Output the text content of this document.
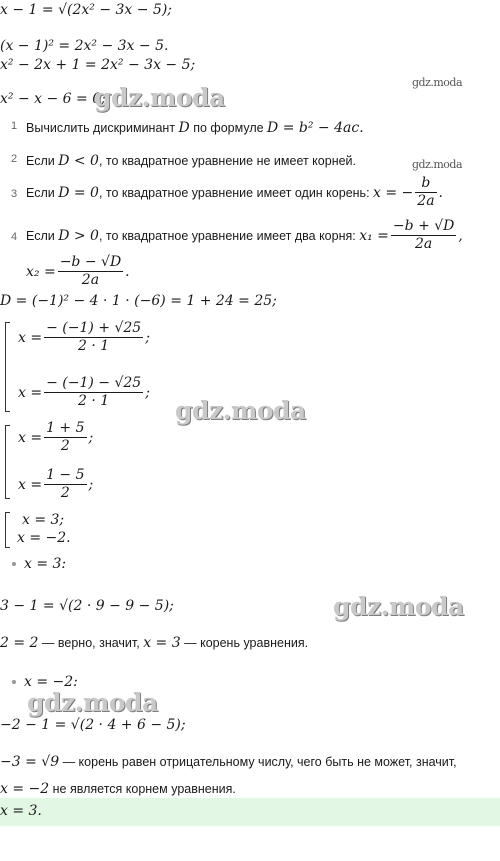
x − 1 = √(2x² − 3x − 5);
(x − 1)² = 2x² − 3x − 5.
x² − 2x + 1 = 2x² − 3x − 5;
x² − x − 6 = 0;
gdz.moda
gdz.moda
gdz.moda
gdz.moda
gdz.moda
gdz.moda
1 Вычислить дискриминант D по формуле D = b² − 4ac.
2 Если D < 0, то квадратное уравнение не имеет корней.
3 Если D = 0, то квадратное уравнение имеет один корень: x = − $\frac{b}{2a}$ .
4 Если D > 0, то квадратное уравнение имеет два корня: $x_1 = \frac{-b + √D}{2a}$ ,
$x_2 = \frac{-b - √D}{2a}$ .
D = (−1)² − 4 · 1 · (−6) = 1 + 24 = 25;
$x = \frac{- (-1) + √25}{2 \cdot 1}$ ;
$x = \frac{- (-1) - √25}{2 \cdot 1}$ ;
$x = \frac{1 + 5}{2}$ ;
$x = \frac{1 - 5}{2}$ ;
x = 3;
x = −2.
x = 3:
3 − 1 = √(2 · 9 − 9 − 5);
2 = 2 — верно, значит, x = 3 — корень уравнения.
x = −2:
−2 − 1 = √(2 · 4 + 6 − 5);
−3 = √9 — корень равен отрицательному числу, чего быть не может, значит,
x = −2 не является корнем уравнения.
x = 3.
